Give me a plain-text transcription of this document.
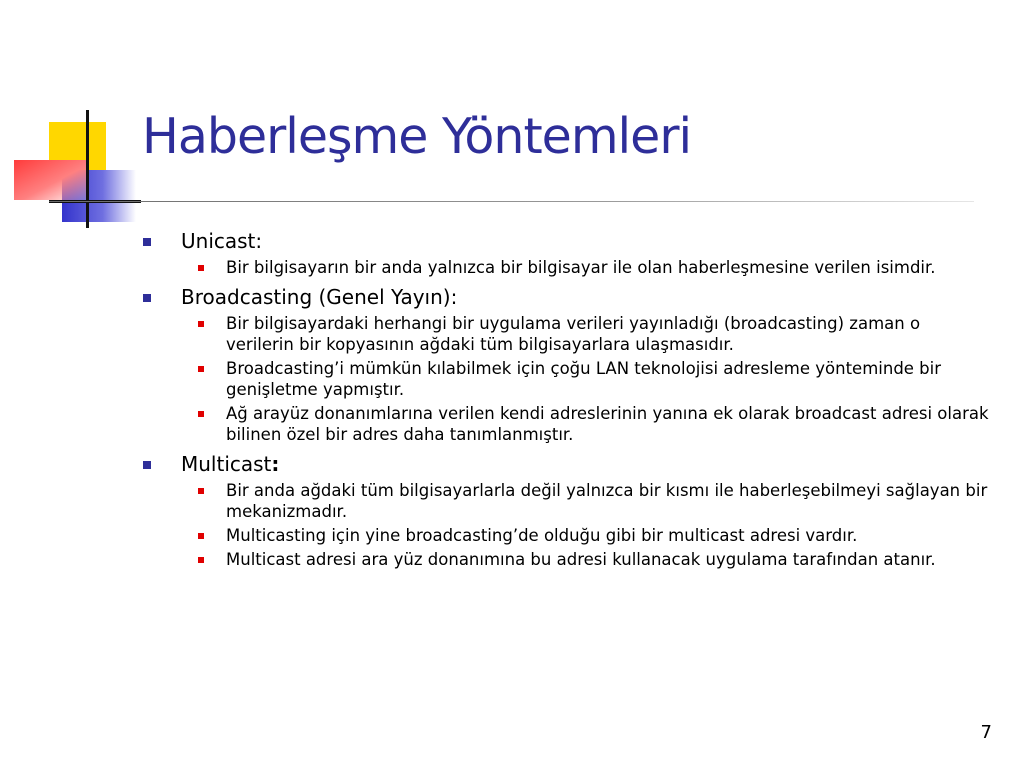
Haberleşme Yöntemleri
Unicast:
Bir bilgisayarın bir anda yalnızca bir bilgisayar ile olan haberleşmesine verilen isimdir.
Broadcasting (Genel Yayın):
Bir bilgisayardaki herhangi bir uygulama verileri yayınladığı (broadcasting) zaman o verilerin bir kopyasının ağdaki tüm bilgisayarlara ulaşmasıdır.
Broadcasting’i mümkün kılabilmek için çoğu LAN teknolojisi adresleme yönteminde bir genişletme yapmıştır.
Ağ arayüz donanımlarına verilen kendi adreslerinin yanına ek olarak broadcast adresi olarak bilinen özel bir adres daha tanımlanmıştır.
Multicast:
Bir anda ağdaki tüm bilgisayarlarla değil yalnızca bir kısmı ile haberleşebilmeyi sağlayan bir mekanizmadır.
Multicasting için yine broadcasting’de olduğu gibi bir multicast adresi vardır.
Multicast adresi ara yüz donanımına bu adresi kullanacak uygulama tarafından atanır.
7
